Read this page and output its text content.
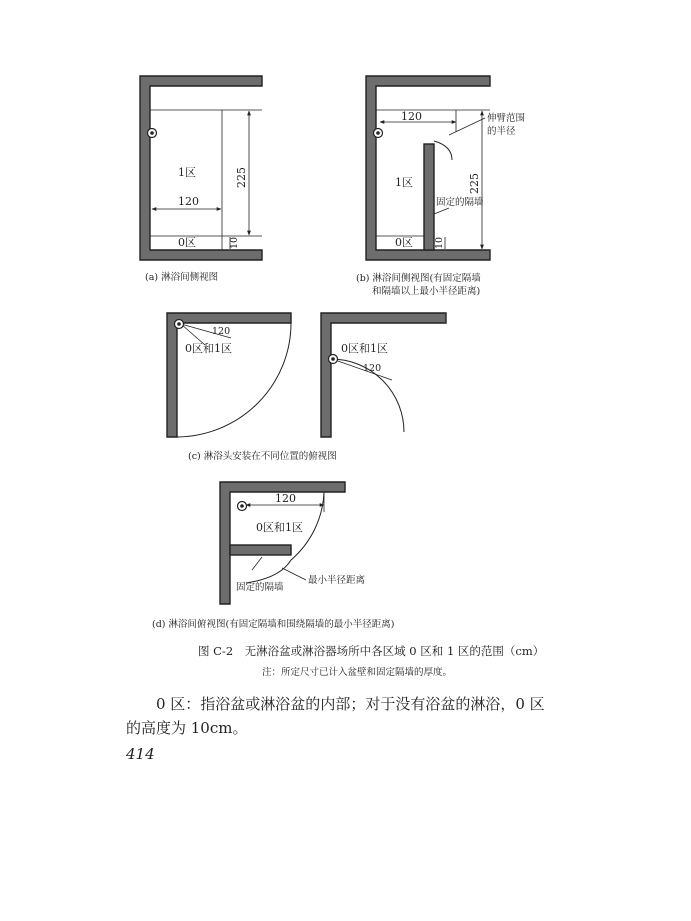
1区
120
225
0区	10
(a) 淋浴间侧视图
120	伸臂范围
的半径
1区
固定的隔墙
225
0区 10
(b) 淋浴间侧视图(有固定隔墙
和隔墙以上最小半径距离)
120
0区和1区	0区和1区
120
(c) 淋浴头安装在不同位置的俯视图
120
0区和1区
固定的隔墙
最小半径距离
(d) 淋浴间俯视图(有固定隔墙和围绕隔墙的最小半径距离)
图 C-2　无淋浴盆或淋浴器场所中各区域 0 区和 1 区的范围（cm）
注：所定尺寸已计入盆壁和固定隔墙的厚度。
0 区：指浴盆或淋浴盆的内部；对于没有浴盆的淋浴，0 区
的高度为 10cm。
414
